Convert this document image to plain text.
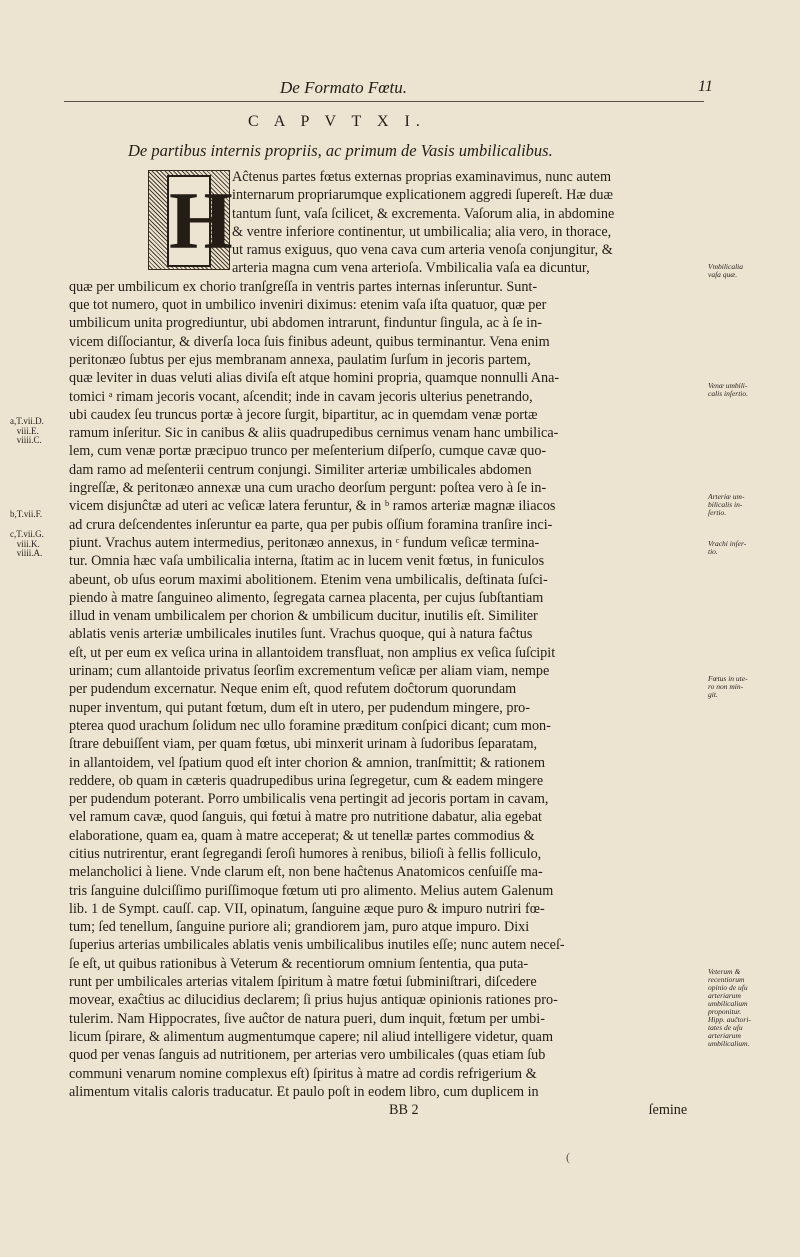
De Formato Fœtu.	11
C A P V T X I.
De partibus internis propriis, ac primum de Vasis umbilicalibus.
H Aĉtenus partes fœtus externas proprias examinavimus, nunc autem
internarum propriarumque explicationem aggredi ſupereſt. Hæ duæ
tantum ſunt, vaſa ſcilicet, & excrementa. Vaſorum alia, in abdomine
& ventre inferiore continentur, ut umbilicalia; alia vero, in thorace,
ut ramus exiguus, quo vena cava cum arteria venoſa conjungitur, &
arteria magna cum vena arterioſa. Vmbilicalia vaſa ea dicuntur,
quæ per umbilicum ex chorio tranſgreſſa in ventris partes internas inſeruntur. Sunt-
que tot numero, quot in umbilico inveniri diximus: etenim vaſa iſta quatuor, quæ per
umbilicum unita progrediuntur, ubi abdomen intrarunt, finduntur ſingula, ac à ſe in-
vicem diſſociantur, & diverſa loca ſuis finibus adeunt, quibus terminantur. Vena enim
peritonæo ſubtus per ejus membranam annexa, paulatim ſurſum in jecoris partem,
quæ leviter in duas veluti alias diviſa eſt atque homini propria, quamque nonnulli Ana-
tomici ᵃ rimam jecoris vocant, aſcendit; inde in cavam jecoris ulterius penetrando,
ubi caudex ſeu truncus portæ à jecore ſurgit, bipartitur, ac in quemdam venæ portæ
ramum inſeritur. Sic in canibus & aliis quadrupedibus cernimus venam hanc umbilica-
lem, cum venæ portæ præcipuo trunco per meſenterium diſperſo, cumque cavæ quo-
dam ramo ad meſenterii centrum conjungi. Similiter arteriæ umbilicales abdomen
ingreſſæ, & peritonæo annexæ una cum uracho deorſum pergunt: poſtea vero à ſe in-
vicem disjunĉtæ ad uteri ac veſicæ latera feruntur, & in ᵇ ramos arteriæ magnæ iliacos
ad crura deſcendentes inſeruntur ea parte, qua per pubis oſſium foramina tranſire inci-
piunt. Vrachus autem intermedius, peritonæo annexus, in ᶜ fundum veſicæ termina-
tur. Omnia hæc vaſa umbilicalia interna, ſtatim ac in lucem venit fœtus, in funiculos
abeunt, ob uſus eorum maximi abolitionem. Etenim vena umbilicalis, deſtinata ſuſci-
piendo à matre ſanguineo alimento, ſegregata carnea placenta, per cujus ſubſtantiam
illud in venam umbilicalem per chorion & umbilicum ducitur, inutilis eſt. Similiter
ablatis venis arteriæ umbilicales inutiles ſunt. Vrachus quoque, qui à natura faĉtus
eſt, ut per eum ex veſica urina in allantoidem transfluat, non amplius ex veſica ſuſcipit
urinam; cum allantoide privatus ſeorſim excrementum veſicæ per aliam viam, nempe
per pudendum excernatur. Neque enim eſt, quod refutem doĉtorum quorundam
nuper inventum, qui putant fœtum, dum eſt in utero, per pudendum mingere, pro-
pterea quod urachum ſolidum nec ullo foramine præditum conſpici dicant; cum mon-
ſtrare debuiſſent viam, per quam fœtus, ubi minxerit urinam à ſudoribus ſeparatam,
in allantoidem, vel ſpatium quod eſt inter chorion & amnion, tranſmittit; & rationem
reddere, ob quam in cæteris quadrupedibus urina ſegregetur, cum & eadem mingere
per pudendum poterant. Porro umbilicalis vena pertingit ad jecoris portam in cavam,
vel ramum cavæ, quod ſanguis, qui fœtui à matre pro nutritione dabatur, alia egebat
elaboratione, quam ea, quam à matre acceperat; & ut tenellæ partes commodius &
citius nutrirentur, erant ſegregandi ſeroſi humores à renibus, bilioſi à fellis folliculo,
melancholici à liene. Vnde clarum eſt, non bene haĉtenus Anatomicos cenſuiſſe ma-
tris ſanguine dulciſſimo puriſſimoque fœtum uti pro alimento. Melius autem Galenum
lib. 1 de Sympt. cauſſ. cap. VII, opinatum, ſanguine æque puro & impuro nutriri fœ-
tum; ſed tenellum, ſanguine puriore ali; grandiorem jam, puro atque impuro. Dixi
ſuperius arterias umbilicales ablatis venis umbilicalibus inutiles eſſe; nunc autem neceſ-
ſe eſt, ut quibus rationibus à Veterum & recentiorum omnium ſententia, qua puta-
runt per umbilicales arterias vitalem ſpiritum à matre fœtui ſubminiſtrari, diſcedere
movear, exaĉtius ac dilucidius declarem; ſi prius hujus antiquæ opinionis rationes pro-
tulerim. Nam Hippocrates, ſive auĉtor de natura pueri, dum inquit, fœtum per umbi-
licum ſpirare, & alimentum augmentumque capere; nil aliud intelligere videtur, quam
quod per venas ſanguis ad nutritionem, per arterias vero umbilicales (quas etiam ſub
communi venarum nomine complexus eſt) ſpiritus à matre ad cordis refrigerium &
alimentum vitalis caloris traducatur. Et paulo poſt in eodem libro, cum duplicem in
BB 2	ſemine
a,T.vii.D.
viii.E.
viiii.C.
b,T.vii.F.
c,T.vii.G.
viii.K.
viiii.A.
Vmbilicalia
vaſa quæ.
Venæ umbili-
calis inſertio.
Arteriæ um-
bilicalis in-
ſertio.
Vrachi inſer-
tio.
Fœtus in ute-
ro non min-
git.
Veterum &
recentiorum
opinio de uſu
arteriarum
umbilicalium
proponitur.
Hipp. auĉtori-
tates de uſu
arteriarum
umbilicalium.
(
